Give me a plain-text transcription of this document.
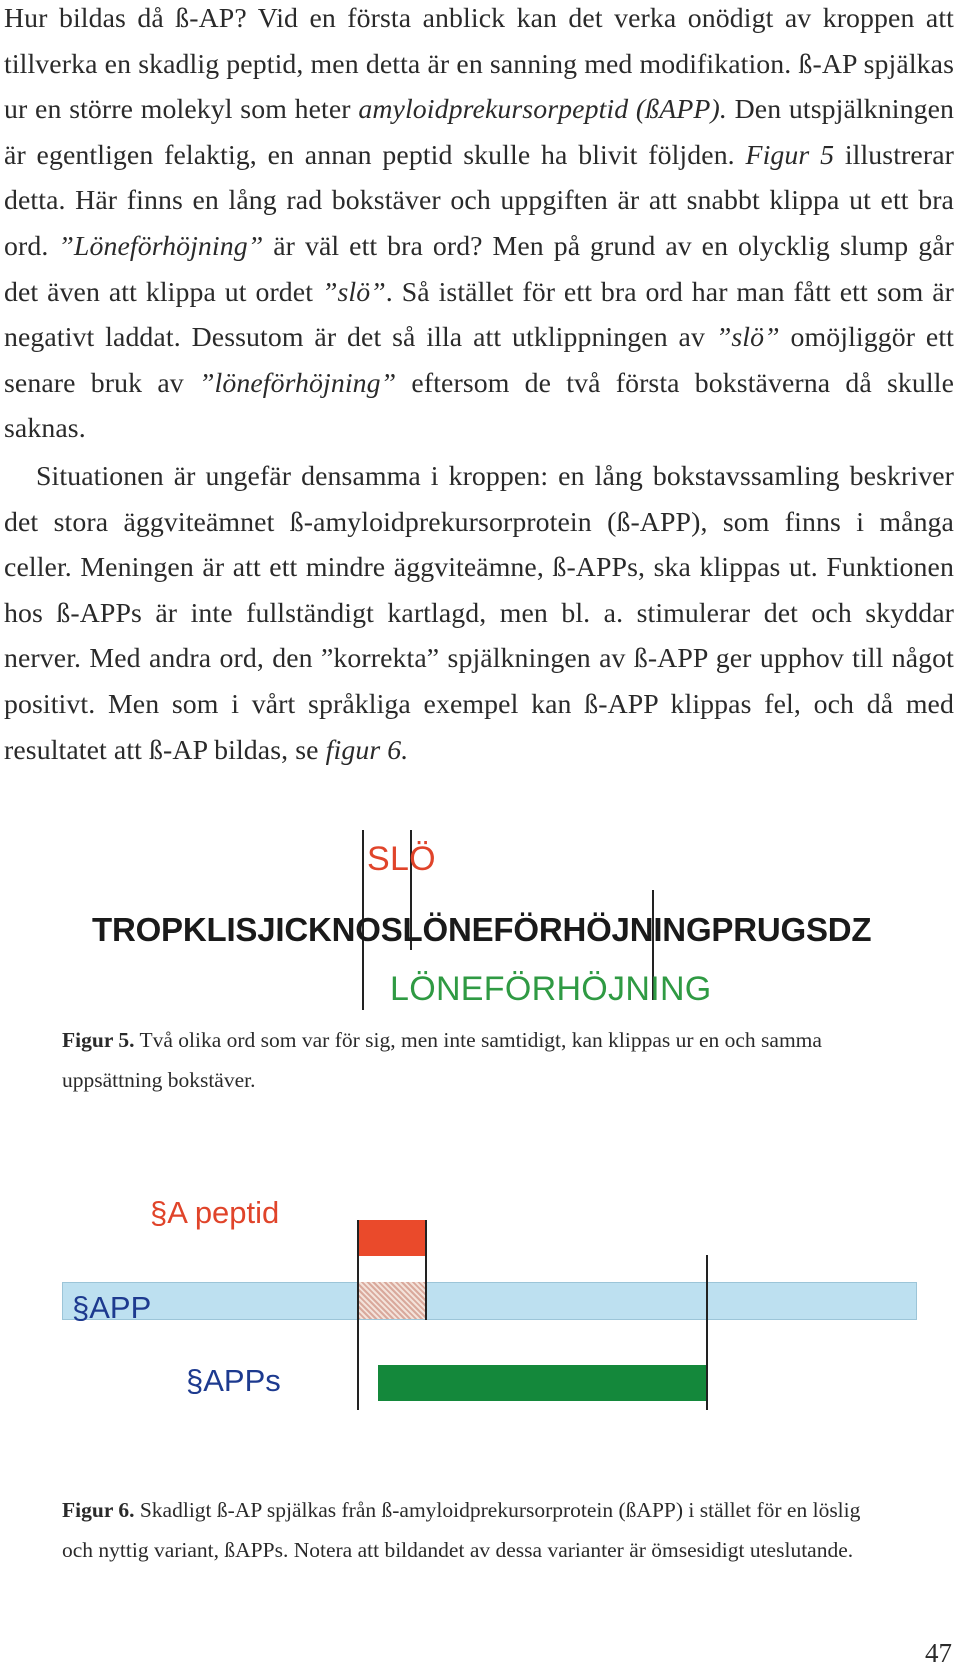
Hur bildas då ß-AP? Vid en första anblick kan det verka onödigt av kroppen att tillverka en skadlig peptid, men detta är en sanning med modifikation. ß-AP spjälkas ur en större molekyl som heter amyloidprekursorpeptid (ßAPP). Den utspjälkningen är egentligen felaktig, en annan peptid skulle ha blivit följden. Figur 5 illustrerar detta. Här finns en lång rad bokstäver och uppgiften är att snabbt klippa ut ett bra ord. ”Löneförhöjning” är väl ett bra ord? Men på grund av en olycklig slump går det även att klippa ut ordet ”slö”. Så istället för ett bra ord har man fått ett som är negativt laddat. Dessutom är det så illa att utklippningen av ”slö” omöjliggör ett senare bruk av ”löneförhöjning” eftersom de två första bokstäverna då skulle saknas.

Situationen är ungefär densamma i kroppen: en lång bokstavssamling beskriver det stora äggviteämnet ß-amyloidprekursorprotein (ß-APP), som finns i många celler. Meningen är att ett mindre äggviteämne, ß-APPs, ska klippas ut. Funktionen hos ß-APPs är inte fullständigt kartlagd, men bl. a. stimulerar det och skyddar nerver. Med andra ord, den ”korrekta” spjälkningen av ß-APP ger upphov till något positivt. Men som i vårt språkliga exempel kan ß-APP klippas fel, och då med resultatet att ß-AP bildas, se figur 6.

SLÖ
TROPKLISJICKNOSLÖNEFÖRHÖJNINGPRUGSDZ
LÖNEFÖRHÖJNING
Figur 5. Två olika ord som var för sig, men inte samtidigt, kan klippas ur en och samma uppsättning bokstäver.
§A peptid
§APP
§APPs
Figur 6. Skadligt ß-AP spjälkas från ß-amyloidprekursorprotein (ßAPP) i stället för en löslig och nyttig variant, ßAPPs. Notera att bildandet av dessa varianter är ömsesidigt uteslutande.
47
